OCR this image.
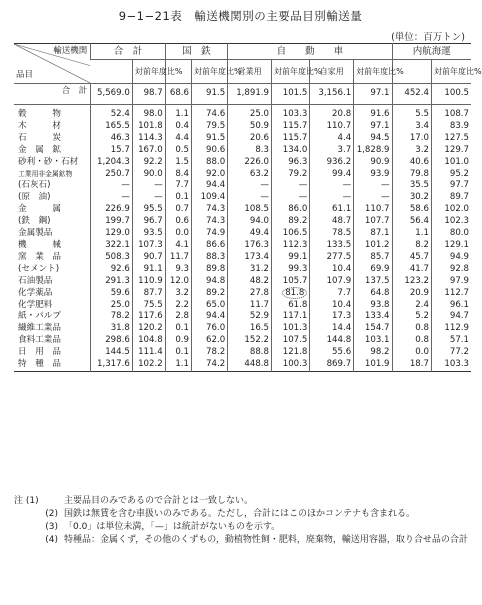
9−1−21表　輸送機関別の主要品目別輸送量
(単位：百万トン)
輸送機関
合　計
品目	合　計		国　鉄		自　　動　　車				内航海運	
		対前年度比%		対前年度比%	営業用	対前年度比%	自家用	対前年度比%		対前年度比%
	5,569.0	98.7	68.6	91.5	1,891.9	101.5	3,156.1	97.1	452.4	100.5

穀　　　物	52.4	98.0	1.1	74.6	25.0	103.3	20.8	91.6	5.5	108.7
木　　　材	165.5	101.8	0.4	79.5	50.9	115.7	110.7	97.1	3.4	83.9
石　　　炭	46.3	114.3	4.4	91.5	20.6	115.7	4.4	94.5	17.0	127.5
金　属　鉱	15.7	167.0	0.5	90.6	8.3	134.0	3.7	1,828.9	3.2	129.7
砂利・砂・石材	1,204.3	92.2	1.5	88.0	226.0	96.3	936.2	90.9	40.6	101.0
工業用非金属鉱物	250.7	90.0	8.4	92.0	63.2	79.2	99.4	93.9	79.8	95.2
(石灰石)	—	—	7.7	94.4	—	—	—	—	35.5	97.7
(原　油)	—	—	0.1	109.4	—	—	—	—	30.2	89.7
金　　　属	226.9	95.5	0.7	74.3	108.5	86.0	61.1	110.7	58.6	102.0
(鉄　鋼)	199.7	96.7	0.6	74.3	94.0	89.2	48.7	107.7	56.4	102.3
金属製品	129.0	93.5	0.0	74.9	49.4	106.5	78.5	87.1	1.1	80.0
機　　　械	322.1	107.3	4.1	86.6	176.3	112.3	133.5	101.2	8.2	129.1
窯　業　品	508.3	90.7	11.7	88.3	173.4	99.1	277.5	85.7	45.7	94.9
(セメント)	92.6	91.1	9.3	89.8	31.2	99.3	10.4	69.9	41.7	92.8
石油製品	291.3	110.9	12.0	94.8	48.2	105.7	107.9	137.5	123.2	97.9
化学薬品	59.6	87.7	3.2	89.2	27.8	81.8	7.7	64.8	20.9	112.7
化学肥料	25.0	75.5	2.2	65.0	11.7	61.8	10.4	93.8	2.4	96.1
紙・パルプ	78.2	117.6	2.8	94.4	52.9	117.1	17.3	133.4	5.2	94.7
繊維工業品	31.8	120.2	0.1	76.0	16.5	101.3	14.4	154.7	0.8	112.9
食料工業品	298.6	104.8	0.9	62.0	152.2	107.5	144.8	103.1	0.8	57.1
日　用　品	144.5	111.4	0.1	78.2	88.8	121.8	55.6	98.2	0.0	77.2
特　種　品	1,317.6	102.2	1.1	74.2	448.8	100.3	869.7	101.9	18.7	103.3
注 (1)	主要品目のみであるので合計とは一致しない。
(2) 国鉄は無賃を含む車扱いのみである。ただし，合計にはこのほかコンテナも含まれる。
(3) 「0.0」は単位未満，「—」は統計がないものを示す。
(4) 特種品：金属くず，その他のくずもの，動植物性飼・肥料，廃棄物，輸送用容器，取り合せ品の合計
